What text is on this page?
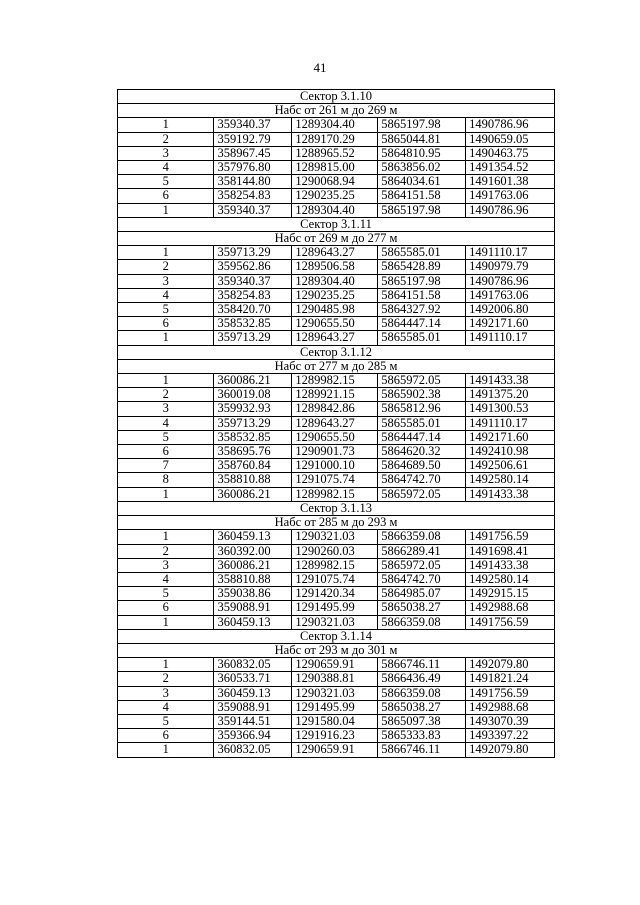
41
Сектор 3.1.10				
Набс от 261 м до 269 м				
1	359340.37	1289304.40	5865197.98	1490786.96
2	359192.79	1289170.29	5865044.81	1490659.05
3	358967.45	1288965.52	5864810.95	1490463.75
4	357976.80	1289815.00	5863856.02	1491354.52
5	358144.80	1290068.94	5864034.61	1491601.38
6	358254.83	1290235.25	5864151.58	1491763.06
1	359340.37	1289304.40	5865197.98	1490786.96
Сектор 3.1.11				
Набс от 269 м до 277 м				
1	359713.29	1289643.27	5865585.01	1491110.17
2	359562.86	1289506.58	5865428.89	1490979.79
3	359340.37	1289304.40	5865197.98	1490786.96
4	358254.83	1290235.25	5864151.58	1491763.06
5	358420.70	1290485.98	5864327.92	1492006.80
6	358532.85	1290655.50	5864447.14	1492171.60
1	359713.29	1289643.27	5865585.01	1491110.17
Сектор 3.1.12				
Набс от 277 м до 285 м				
1	360086.21	1289982.15	5865972.05	1491433.38
2	360019.08	1289921.15	5865902.38	1491375.20
3	359932.93	1289842.86	5865812.96	1491300.53
4	359713.29	1289643.27	5865585.01	1491110.17
5	358532.85	1290655.50	5864447.14	1492171.60
6	358695.76	1290901.73	5864620.32	1492410.98
7	358760.84	1291000.10	5864689.50	1492506.61
8	358810.88	1291075.74	5864742.70	1492580.14
1	360086.21	1289982.15	5865972.05	1491433.38
Сектор 3.1.13				
Набс от 285 м до 293 м				
1	360459.13	1290321.03	5866359.08	1491756.59
2	360392.00	1290260.03	5866289.41	1491698.41
3	360086.21	1289982.15	5865972.05	1491433.38
4	358810.88	1291075.74	5864742.70	1492580.14
5	359038.86	1291420.34	5864985.07	1492915.15
6	359088.91	1291495.99	5865038.27	1492988.68
1	360459.13	1290321.03	5866359.08	1491756.59
Сектор 3.1.14				
Набс от 293 м до 301 м				
1	360832.05	1290659.91	5866746.11	1492079.80
2	360533.71	1290388.81	5866436.49	1491821.24
3	360459.13	1290321.03	5866359.08	1491756.59
4	359088.91	1291495.99	5865038.27	1492988.68
5	359144.51	1291580.04	5865097.38	1493070.39
6	359366.94	1291916.23	5865333.83	1493397.22
1	360832.05	1290659.91	5866746.11	1492079.80
